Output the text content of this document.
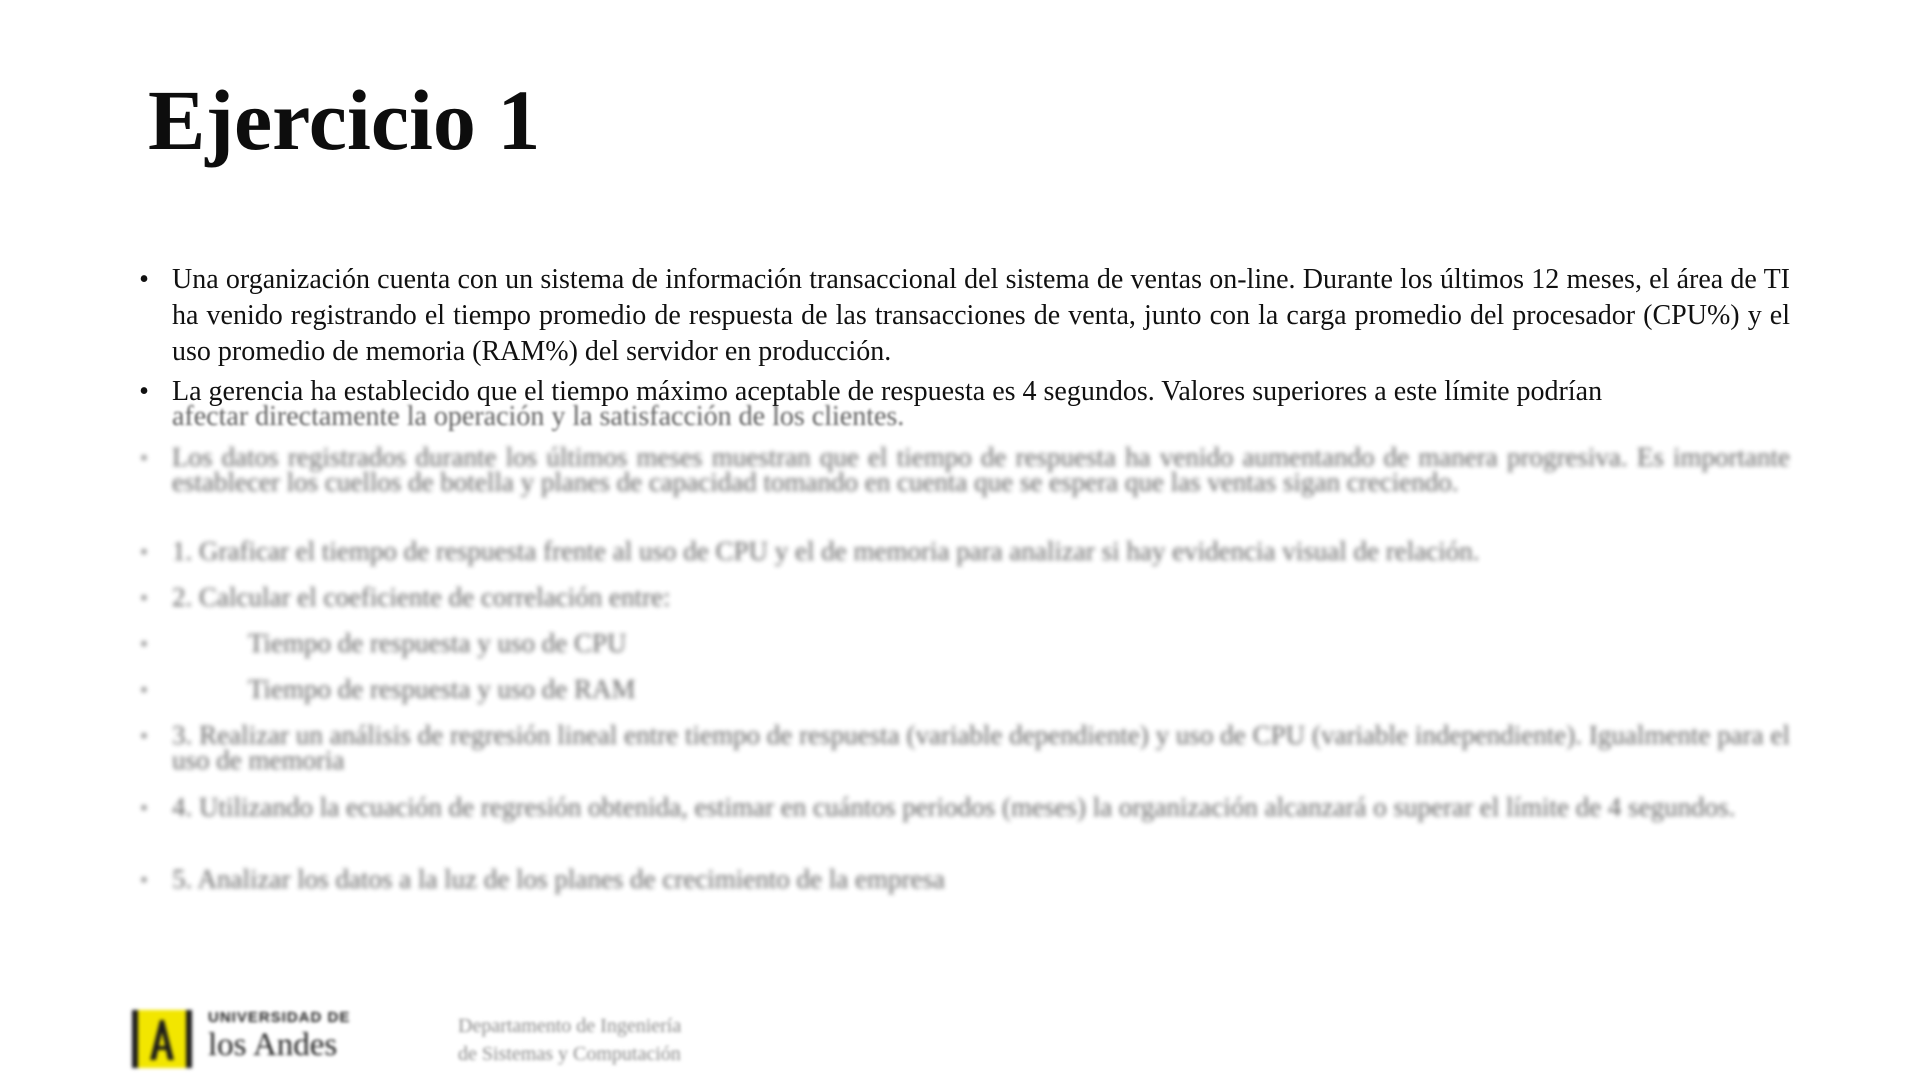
Ejercicio 1
• Una organización cuenta con un sistema de información transaccional del sistema de ventas on-line. Durante los últimos 12 meses, el área de TI ha venido registrando el tiempo promedio de respuesta de las transacciones de venta, junto con la carga promedio del procesador (CPU%) y el uso promedio de memoria (RAM%) del servidor en producción.
• La gerencia ha establecido que el tiempo máximo aceptable de respuesta es 4 segundos. Valores superiores a este límite podrían
afectar directamente la operación y la satisfacción de los clientes.
• Los datos registrados durante los últimos meses muestran que el tiempo de respuesta ha venido aumentando de manera progresiva. Es importante establecer los cuellos de botella y planes de capacidad tomando en cuenta que se espera que las ventas sigan creciendo.
• 1. Graficar el tiempo de respuesta frente al uso de CPU y el de memoria para analizar si hay evidencia visual de relación.
• 2. Calcular el coeficiente de correlación entre:
•	Tiempo de respuesta y uso de CPU
•	Tiempo de respuesta y uso de RAM
• 3. Realizar un análisis de regresión lineal entre tiempo de respuesta (variable dependiente) y uso de CPU (variable independiente). Igualmente para el uso de memoria
• 4. Utilizando la ecuación de regresión obtenida, estimar en cuántos periodos (meses) la organización alcanzará o superar el límite de 4 segundos.
• 5. Analizar los datos a la luz de los planes de crecimiento de la empresa
UNIVERSIDAD DE
los Andes
Departamento de Ingeniería
de Sistemas y Computación
